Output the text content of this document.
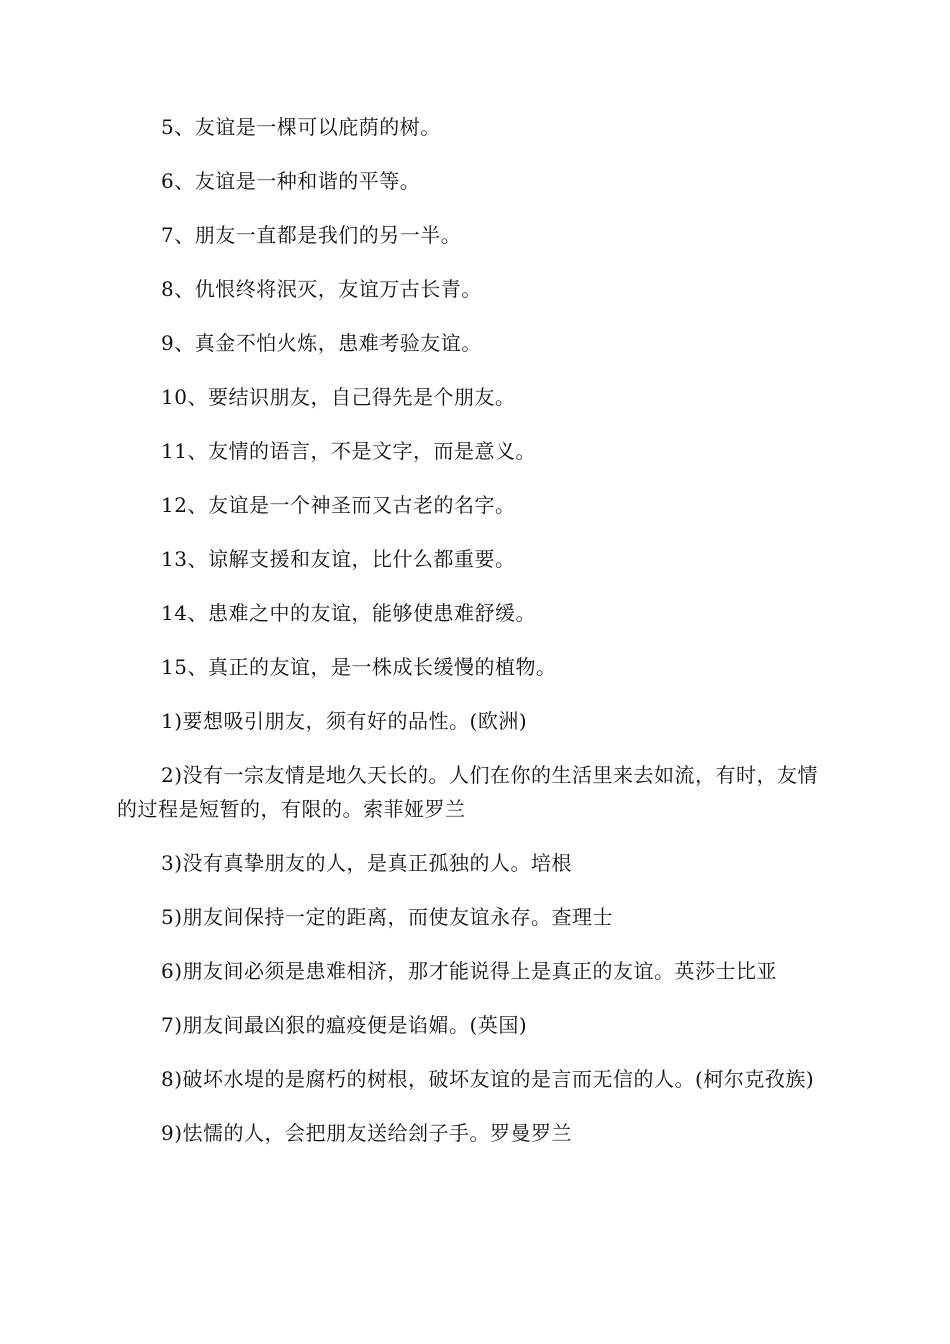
5、友谊是一棵可以庇荫的树。

6、友谊是一种和谐的平等。

7、朋友一直都是我们的另一半。

8、仇恨终将泯灭，友谊万古长青。

9、真金不怕火炼，患难考验友谊。

10、要结识朋友，自己得先是个朋友。

11、友情的语言，不是文字，而是意义。

12、友谊是一个神圣而又古老的名字。

13、谅解支援和友谊，比什么都重要。

14、患难之中的友谊，能够使患难舒缓。

15、真正的友谊，是一株成长缓慢的植物。

1)要想吸引朋友，须有好的品性。(欧洲)

2)没有一宗友情是地久天长的。人们在你的生活里来去如流，有时，友情的过程是短暂的，有限的。索菲娅罗兰

3)没有真挚朋友的人，是真正孤独的人。培根

5)朋友间保持一定的距离，而使友谊永存。查理士

6)朋友间必须是患难相济，那才能说得上是真正的友谊。英莎士比亚

7)朋友间最凶狠的瘟疫便是谄媚。(英国)

8)破坏水堤的是腐朽的树根，破坏友谊的是言而无信的人。(柯尔克孜族)

9)怯懦的人，会把朋友送给刽子手。罗曼罗兰
